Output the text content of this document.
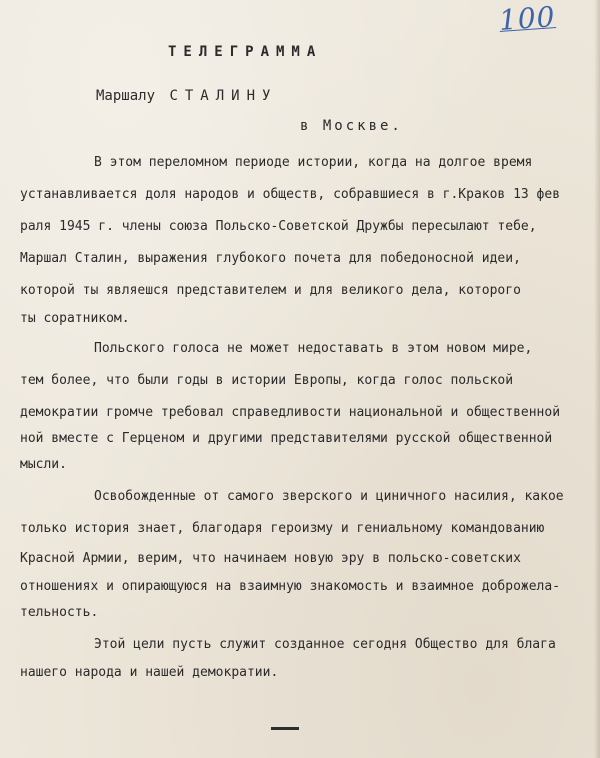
100
ТЕЛЕГРАММА
Маршалу СТАЛИНУ
в Москве.
В этом переломном периоде истории, когда на долгое время
устанавливается доля народов и обществ, собравшиеся в г.Краков 13 фев
раля 1945 г. члены союза Польско-Советской Дружбы пересылают тебе,
Маршал Сталин, выражения глубокого почета для победоносной идеи,
которой ты являешся представителем и для великого дела, которого
ты соратником.
Польского голоса не может недоставать в этом новом мире,
тем более, что были годы в истории Европы, когда голос польской
демократии громче требовал справедливости национальной и общественной
ной вместе с Герценом и другими представителями русской общественной
мысли.
Освобожденные от самого зверского и циничного насилия, какое
только история знает, благодаря героизму и гениальному командованию
Красной Армии, верим, что начинаем новую эру в польско-советских
отношениях и опирающуюся на взаимную знакомость и взаимное доброжела-
тельность.
Этой цели пусть служит созданное сегодня Общество для блага
нашего народа и нашей демократии.
